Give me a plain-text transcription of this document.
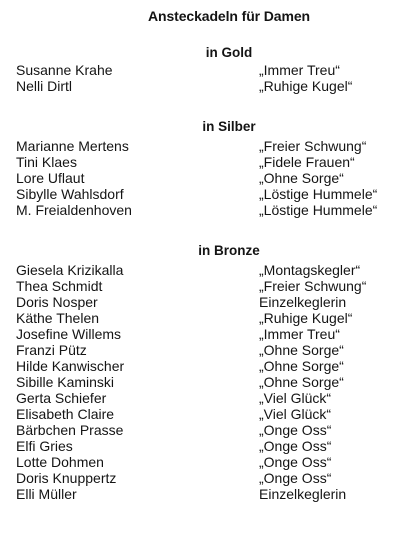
Ansteckadeln für Damen
in Gold
Susanne Krahe	„Immer Treu“
Nelli Dirtl	„Ruhige Kugel“
in Silber
Marianne Mertens	„Freier Schwung“
Tini Klaes	„Fidele Frauen“
Lore Uflaut	„Ohne Sorge“
Sibylle Wahlsdorf	„Löstige Hummele“
M. Freialdenhoven	„Löstige Hummele“
in Bronze
Giesela Krizikalla	„Montagskegler“
Thea Schmidt	„Freier Schwung“
Doris Nosper	Einzelkeglerin
Käthe Thelen	„Ruhige Kugel“
Josefine Willems	„Immer Treu“
Franzi Pütz	„Ohne Sorge“
Hilde Kanwischer	„Ohne Sorge“
Sibille Kaminski	„Ohne Sorge“
Gerta Schiefer	„Viel Glück“
Elisabeth Claire	„Viel Glück“
Bärbchen Prasse	„Onge Oss“
Elfi Gries	„Onge Oss“
Lotte Dohmen	„Onge Oss“
Doris Knuppertz	„Onge Oss“
Elli Müller	Einzelkeglerin
